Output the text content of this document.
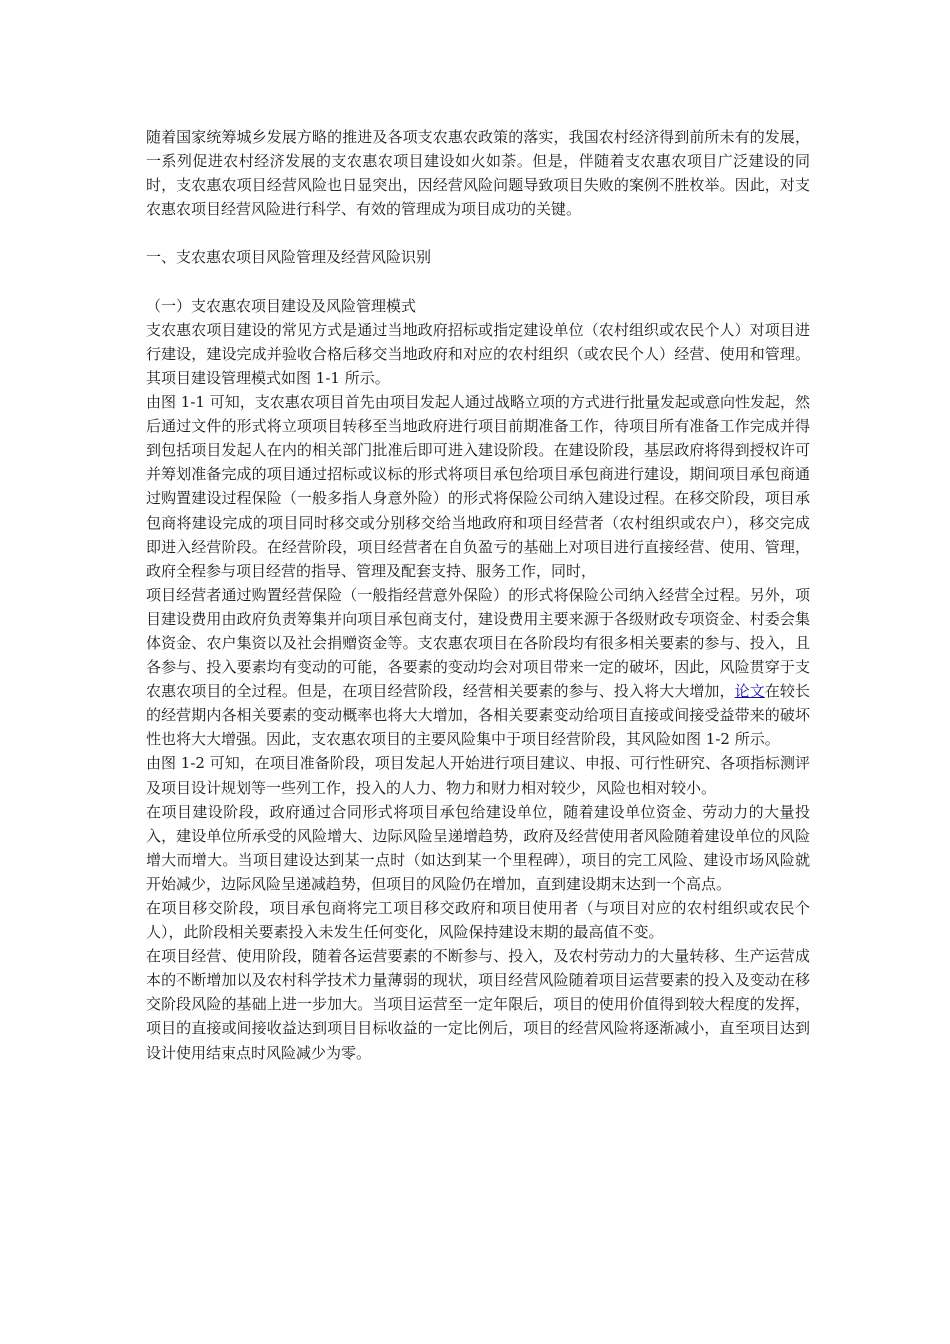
随着国家统筹城乡发展方略的推进及各项支农惠农政策的落实，我国农村经济得到前所未有的发展，一系列促进农村经济发展的支农惠农项目建设如火如荼。但是，伴随着支农惠农项目广泛建设的同时，支农惠农项目经营风险也日显突出，因经营风险问题导致项目失败的案例不胜枚举。因此，对支农惠农项目经营风险进行科学、有效的管理成为项目成功的关键。

一、支农惠农项目风险管理及经营风险识别

（一）支农惠农项目建设及风险管理模式

支农惠农项目建设的常见方式是通过当地政府招标或指定建设单位（农村组织或农民个人）对项目进行建设，建设完成并验收合格后移交当地政府和对应的农村组织（或农民个人）经营、使用和管理。其项目建设管理模式如图 1-1 所示。

由图 1-1 可知，支农惠农项目首先由项目发起人通过战略立项的方式进行批量发起或意向性发起，然后通过文件的形式将立项项目转移至当地政府进行项目前期准备工作，待项目所有准备工作完成并得到包括项目发起人在内的相关部门批准后即可进入建设阶段。在建设阶段，基层政府将得到授权许可并筹划准备完成的项目通过招标或议标的形式将项目承包给项目承包商进行建设，期间项目承包商通过购置建设过程保险（一般多指人身意外险）的形式将保险公司纳入建设过程。在移交阶段，项目承包商将建设完成的项目同时移交或分别移交给当地政府和项目经营者（农村组织或农户），移交完成即进入经营阶段。在经营阶段，项目经营者在自负盈亏的基础上对项目进行直接经营、使用、管理，政府全程参与项目经营的指导、管理及配套支持、服务工作，同时，

项目经营者通过购置经营保险（一般指经营意外保险）的形式将保险公司纳入经营全过程。另外，项目建设费用由政府负责筹集并向项目承包商支付，建设费用主要来源于各级财政专项资金、村委会集体资金、农户集资以及社会捐赠资金等。支农惠农项目在各阶段均有很多相关要素的参与、投入，且各参与、投入要素均有变动的可能，各要素的变动均会对项目带来一定的破坏，因此，风险贯穿于支农惠农项目的全过程。但是，在项目经营阶段，经营相关要素的参与、投入将大大增加，论文在较长的经营期内各相关要素的变动概率也将大大增加，各相关要素变动给项目直接或间接受益带来的破坏性也将大大增强。因此，支农惠农项目的主要风险集中于项目经营阶段，其风险如图 1-2 所示。

由图 1-2 可知，在项目准备阶段，项目发起人开始进行项目建议、申报、可行性研究、各项指标测评及项目设计规划等一些列工作，投入的人力、物力和财力相对较少，风险也相对较小。

在项目建设阶段，政府通过合同形式将项目承包给建设单位，随着建设单位资金、劳动力的大量投入，建设单位所承受的风险增大、边际风险呈递增趋势，政府及经营使用者风险随着建设单位的风险增大而增大。当项目建设达到某一点时（如达到某一个里程碑），项目的完工风险、建设市场风险就开始减少，边际风险呈递减趋势，但项目的风险仍在增加，直到建设期末达到一个高点。

在项目移交阶段，项目承包商将完工项目移交政府和项目使用者（与项目对应的农村组织或农民个人），此阶段相关要素投入未发生任何变化，风险保持建设末期的最高值不变。

在项目经营、使用阶段，随着各运营要素的不断参与、投入，及农村劳动力的大量转移、生产运营成本的不断增加以及农村科学技术力量薄弱的现状，项目经营风险随着项目运营要素的投入及变动在移交阶段风险的基础上进一步加大。当项目运营至一定年限后，项目的使用价值得到较大程度的发挥，项目的直接或间接收益达到项目目标收益的一定比例后，项目的经营风险将逐渐减小，直至项目达到设计使用结束点时风险减少为零。
